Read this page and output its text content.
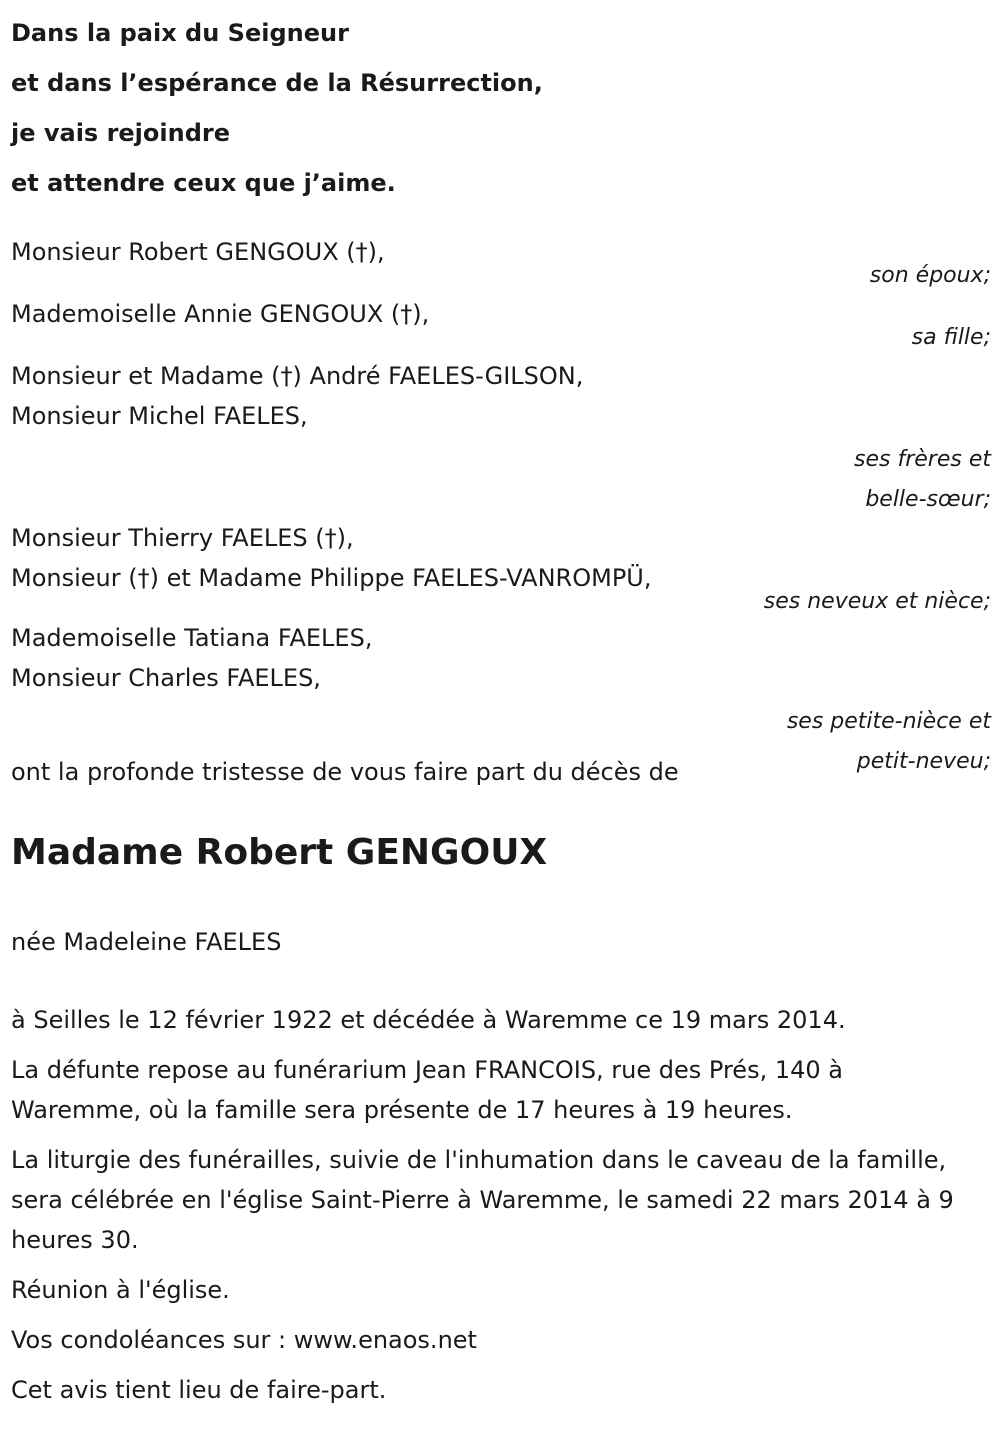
Dans la paix du Seigneur
et dans l’espérance de la Résurrection,
je vais rejoindre
et attendre ceux que j’aime.
Monsieur Robert GENGOUX (†),
son époux;
Mademoiselle Annie GENGOUX (†),
sa fille;
Monsieur et Madame (†) André FAELES-GILSON,
Monsieur Michel FAELES,
ses frères et
belle-sœur;
Monsieur Thierry FAELES (†),
Monsieur (†) et Madame Philippe FAELES-VANROMPÜ,
ses neveux et nièce;
Mademoiselle Tatiana FAELES,
Monsieur Charles FAELES,
ses petite-nièce et
petit-neveu;
ont la profonde tristesse de vous faire part du décès de
Madame Robert GENGOUX
née Madeleine FAELES
à Seilles le 12 février 1922 et décédée à Waremme ce 19 mars 2014.
La défunte repose au funérarium Jean FRANCOIS, rue des Prés, 140 à Waremme, où la famille sera présente de 17 heures à 19 heures.
La liturgie des funérailles, suivie de l'inhumation dans le caveau de la famille, sera célébrée en l'église Saint-Pierre à Waremme, le samedi 22 mars 2014 à 9 heures 30.
Réunion à l'église.
Vos condoléances sur : www.enaos.net
Cet avis tient lieu de faire-part.
